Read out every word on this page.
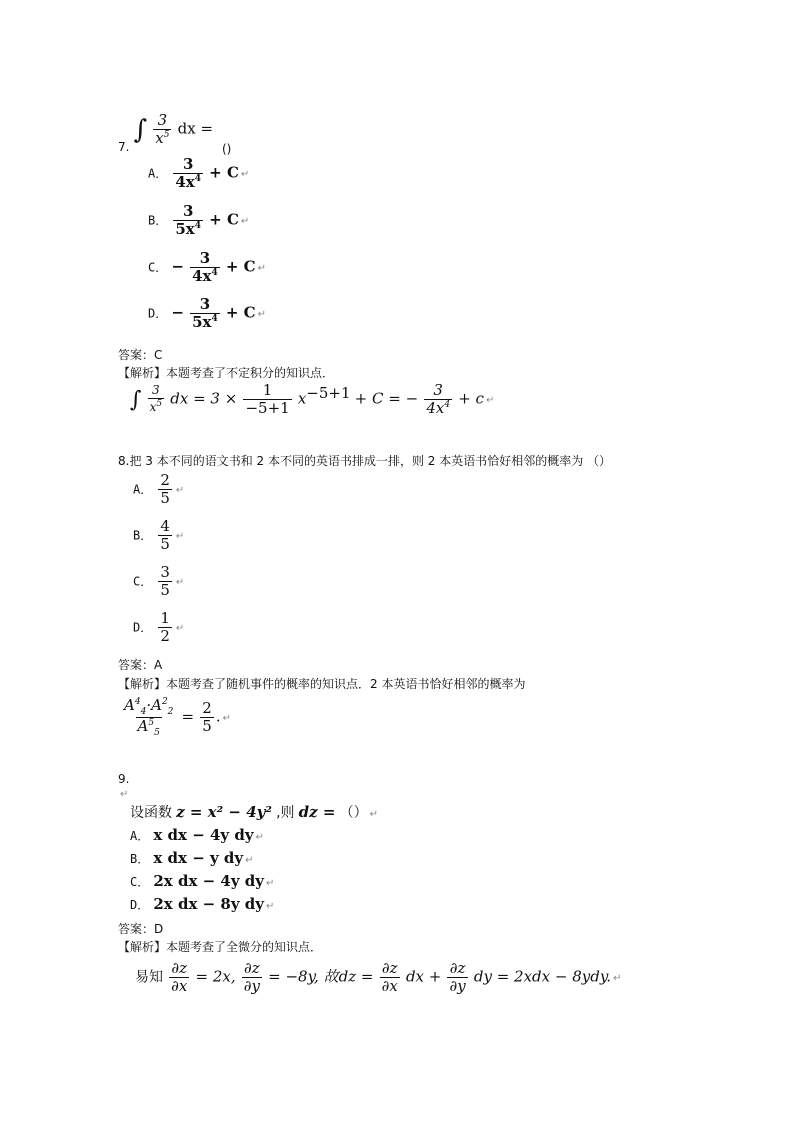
7. ∫ $\frac{3}{x^5}$ dx =
()
A． $\frac{3}{4x^4} + C$ ↵
B． $\frac{3}{5x^4} + C$ ↵
C． − $\frac{3}{4x^4} + C$ ↵
D． − $\frac{3}{5x^4} + C$ ↵
答案：C
【解析】本题考查了不定积分的知识点．
∫ $\frac{3}{x^5}$ dx = $3 \times \frac{1}{-5+1} x^{-5+1} + C$ = − $\frac{3}{4x^4} + c$ ↵
8.把 3 本不同的语文书和 2 本不同的英语书排成一排，则 2 本英语书恰好相邻的概率为 （）
A． $\frac{2}{5}$ ↵
B． $\frac{4}{5}$ ↵
C． $\frac{3}{5}$ ↵
D． $\frac{1}{2}$ ↵
答案：A
【解析】本题考查了随机事件的概率的知识点．2 本英语书恰好相邻的概率为
$\frac{A^4_4\cdot A^2_2}{A^5_5} = \frac{2}{5}$ . ↵
9.
↵
设函数 z = x² − 4y² ,则 dz = （） ↵
A． x dx − 4y dy ↵
B． x dx − y dy ↵
C． 2x dx − 4y dy ↵
D． 2x dx − 8y dy ↵
答案：D
【解析】本题考查了全微分的知识点．
易知 $\frac{\partial z}{\partial x} = 2x$, $\frac{\partial z}{\partial y} = -8y$, 故dz = $\frac{\partial z}{\partial x}$ dx + $\frac{\partial z}{\partial y}$ dy = 2xdx − 8ydy. ↵
